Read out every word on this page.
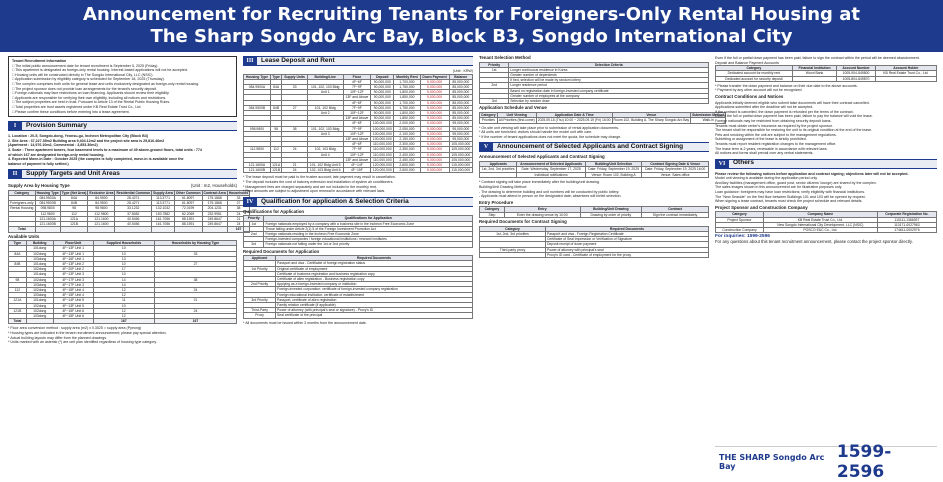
Announcement for Recruiting Tenants for Foreigners-Only Rental Housing at
The Sharp Songdo Arc Bay, Block B3, Songdo International City
Tenant Recruitment Information
□ The initial public announcement date for tenant recruitment is September 5, 2025 (Friday).
□ This apartment is designated as foreign-only rental housing. Interest-based applications will not be accepted.
□ Housing units will be constructed directly in The Songdo International City, LLC (NSIC).
□ Application submission by eligibility category is scheduled for September 18, 2025 (Thursday).
□ The complex comprises both units for general lease and units exclusively designated as foreign-only rental housing.
□ The project sponsor does not provide loan arrangements for the tenant's security deposit.
□ Foreign nationals may face restrictions on loan financing. Applicants should review their eligibility.
□ Applicants are responsible for verifying their own eligibility, including all notices and restrictions.
□ The subject properties are held in trust. Pursuant to Article 13 of the Rental Public Housing Rules.
□ Total properties are trust assets registered under KB Real Estate Trust Co., Ltd.
□ Please confirm these conditions before entering into a lease agreement.
I	Provision Summary
1. Location : 20-5, Songdo-dong, Yeonsu-gu, Incheon Metropolitan City (Block B3)
2. Site Area : 37,227.35m2 Building area 9,404.12m2 and the project site area is 29,816.46m2
(Apartment : 14,976.10m2, Commercial : 3,853.30m2)
3. Scale : Three apartment towers, four basement levels to a maximum of 49 above-ground floors, total units : 774
of which 167 are designated foreign-only rental housing.
4. Expected Move-in Date : October 2025 (the complex is fully completed, move-in is available once the
balance of payment is fully settled.)
II	Supply Targets and Unit Areas
Supply Area by Housing Type	(Unit : m2, Households)
Category	Housing Type	Type (Net Area)	Exclusive Area	Residential Common	Supply Area	Other Common	Contract Area	Households
	084.9500A	84A	84.9500	28.4271	113.3771	61.8097	175.1868	33
Foreigners-only	084.9500B	84B	84.9500	28.4271	113.3771	61.8097	175.1868	27
Rental Housing	098.9800	98	98.9800	33.1232	132.1032	72.0199	204.1231	38
	112.9800	112	112.9800	37.8082	150.7882	82.2069	232.9951	24
	121.1600A	121A	121.1600	40.5456	161.7056	88.1591	249.8647	21
	121.1600B	121B	121.1600	40.5456	161.7056	88.1591	249.8647	24
Total								167
Available Units
Type	Building	Floor/Unit	Supplied Households	Households by Housing Type
	101dong	4F~13F Unit 1	10	
84A	102dong	4F~13F Unit 1	10	33
	103dong	4F~16F Unit 1	13	
84B	101dong	4F~13F Unit 2	10	27
	102dong	4F~20F Unit 2	17	
	101dong	4F~13F Unit 3	10	
98	102dong	4F~17F Unit 3	14	38
	103dong	4F~17F Unit 3	14	
112	102dong	4F~15F Unit 4	12	24
	103dong	4F~15F Unit 4	12	
121A	101dong	4F~14F Unit 5	11	21
	102dong	4F~13F Unit 5	10	
121B	102dong	4F~15F Unit 6	12	24
	103dong	4F~15F Unit 6	12	
Total			167	167
* Floor area conversion method : supply area (m2) x 0.3025 = supply area (Pyeong)
* Housing types are indicated in the tenant recruitment announcement; please pay special attention.
* Actual building layouts may differ from the planned drawings.
* Units marked with an asterisk (*) are unit plan identified regardless of housing type category.
III	Lease Deposit and Rent
(Unit : KRW)
Housing Type	Type	Supply Units	Building/Line	Floor	Deposit	Monthly Rent	Down Payment	Balance
				4F~6F	90,000,000	1,700,000	5,000,000	85,000,000
084.9500A	84A	33	101, 102, 103 Bldg	7F~9F	90,000,000	1,750,000	5,000,000	85,000,000
			Unit 1	10F~12F	90,000,000	1,800,000	5,000,000	85,000,000
				13F and Above	90,000,000	1,850,000	5,000,000	85,000,000
				4F~6F	90,000,000	1,700,000	5,000,000	85,000,000
084.9500B	84B	27	101, 102 Bldg	7F~9F	90,000,000	1,750,000	5,000,000	85,000,000
			Unit 2	10F~12F	90,000,000	1,800,000	5,000,000	85,000,000
				13F and Above	90,000,000	1,850,000	5,000,000	85,000,000
				4F~6F	100,000,000	2,000,000	5,000,000	95,000,000
098.9800	98	38	101, 102, 103 Bldg	7F~9F	100,000,000	2,050,000	5,000,000	95,000,000
			Unit 3	10F~12F	100,000,000	2,100,000	5,000,000	95,000,000
				13F and Above	100,000,000	2,150,000	5,000,000	95,000,000
				4F~6F	110,000,000	2,300,000	5,000,000	105,000,000
112.9800	112	24	102, 103 Bldg	7F~9F	110,000,000	2,350,000	5,000,000	105,000,000
			Unit 4	10F~12F	110,000,000	2,400,000	5,000,000	105,000,000
				13F and Above	110,000,000	2,450,000	5,000,000	105,000,000
121.1600A	121A	21	101, 102 Bldg Unit 5	4F~14F	120,000,000	2,600,000	5,000,000	115,000,000
121.1600B	121B	24	102, 103 Bldg Unit 6	4F~15F	120,000,000	2,600,000	5,000,000	115,000,000
* The lease deposit must be paid to the trustee account; late payment may result in cancellation.
* The deposit includes the cost of balcony extension and installation of system air conditioners.
* Management fees are charged separately and are not included in the monthly rent.
* Rent amounts are subject to adjustment upon renewal in accordance with relevant laws.
IV	Qualification for application & Selection Criteria
Qualifications for Application
Priority	Qualifications for Application
1st	Foreign nationals employed by a company with a business site in the Incheon Free Economic Zone
	Those falling under Article 2(1) 5 of the Foreign Investment Promotion Act
2nd	Foreign nationals residing in the Incheon Free Economic Zone
	Foreign-invested companies / foreign educational institutions / research institutes
3rd	Foreign nationals not falling under the 1st or 2nd priority
Required Documents for Application
Applicant	Required Documents
	Passport and visa - Certificate of foreign registration status
1st Priority	Original certificate of employment
	Certificate of business registration and business registration copy
	Certificate of alien registration - Business registration copy
2nd Priority	Applying as a foreign-invested company or institution
	Foreign-invested corporation: certificate of foreign-invested company registration
	Foreign educational institution: certificate of establishment
3rd Priority	Passport, certificate of alien registration
	Family relation certificate (if applicable)
Third-Party	Power of attorney (with principal's seal or signature) - Proxy's ID
Proxy	Seal certificate of the principal
* All documents must be issued within 3 months from the announcement date.
Tenant Selection Method
Priority	Selection Criteria
1st	Longer continuous residence in Korea
	Greater number of dependents
	If tied, selection will be made by random lottery
2nd	Longer residence period
	Based on registration date in foreign-invested company certificate
	Greater number of employees at the company
3rd	Selection by random draw
Application Schedule and Venue
Category	Unit Viewing	Application Date & Time	Venue	Submission Method
Priorities	All Priorities (first-come)	2025.09.18 (Thu) 10:00 ~ 2025.09.19 (Fri) 16:00	Room 102, Building A, The Sharp Songdo Arc Bay	Walk-in
* On-site unit viewing will take place prior to submission of rental application documents.
* All units are furnished; visitors should handle the model unit with care.
* If the number of tenant applications does not meet the quota, the schedule may change.
V	Announcement of Selected Applicants and Contract Signing
Announcement of Selected Applicants and Contract Signing
Applicants	Announcement of Selected Applicants	Building/Unit Selection	Contract Signing Date & Venue
1st, 2nd, 3rd priorities	Date: Wednesday, September 17, 2025	Date: Friday, September 19, 2025	Date: Friday, September 19, 2025 16:00
	Individual notifications	Venue: Room 102, Building A	Venue: Sales office
* Contract signing will take place immediately after the building/unit drawing.
Building/Unit Drawing Method
- The drawing to determine building and unit numbers will be conducted by public lottery.
- Applicants must attend in person on the designated date; absentees will forfeit selection.
Entry Procedure
Category	Entry	Building/Unit Drawing	Contract
Step	Enter the drawing venue by 10:00	Drawing by order of priority	Sign the contract immediately
Required Documents for Contract Signing
Category	Required Documents
1st, 2nd, 3rd priorities	Passport and visa - Foreign Registration Certificate
	Certificate of Seal Impression or Verification of Signature
	Deposit receipt of down payment
Third-party proxy	Power of attorney with principal's seal
	Proxy's ID card - Certificate of employment for the proxy
Even if the full or partial down payment has been paid, failure to sign the contract within the period will be deemed abandonment.
Deposit and Balance Payment Accounts
Category	Financial Institution	Account Number	Account Holder
Dedicated account for monthly rent	Woori Bank	1005-904-849800	KB Real Estate Trust Co., Ltd.
Dedicated account for security deposit		1005-804-849870	
* Please transfer the down payment and balance on their due date to the above accounts.
* Payment by any other account will not be recognized.
Contract Conditions and Notices
Applicants initially deemed eligible who submit false documents will have their contract cancelled.
Applications submitted after the deadline will not be accepted.
If the contract is cancelled, the down payment is refunded per the terms of the contract.
Even if the full or partial down payment has been paid, failure to pay the balance will void the lease.
Foreign nationals may be restricted from obtaining security deposit loans.
Tenants must obtain renter's insurance as required by the project sponsor.
The tenant shall be responsible for restoring the unit to its original condition at the end of the lease.
Pets and smoking within the unit are subject to the management regulations.
Subletting or assignment of the lease is strictly prohibited.
Tenants must report resident registration changes to the management office.
The lease term is 2 years, renewable in accordance with relevant laws.
All notices and forms shall prevail over any verbal statements.
VI	Others
Please review the following notices before application and contract signing; objections later will not be accepted.
Model unit viewing is available during the application period only.
Ancillary facilities (management office, guard post, senior citizens' lounge) are shared by the complex.
The sales images shown in this announcement are for illustrative purposes only.
Loan guidance: foreigners may have loan restrictions; verify eligibility with financial institutions.
The "New Seaside" on the first floor between Buildings 101 and 103 will be opened by request.
When signing a lease contract, tenants must check the project schedule and relevant details.
Project Sponsor and Construction Company
Category	Company Name	Corporate Registration No.
Project Sponsor	KB Real Estate Trust Co., Ltd.	110111-1366397
	New Songdo International City Development, LLC (NSIC)	110171-0027963
Construction Company	POSCO E&C Co., Ltd.	174611-0002976
For inquiries: 1599-2596
For any questions about this tenant recruitment announcement, please contact the project sponsor directly.
THE SHARP Songdo Arc Bay
1599-2596
